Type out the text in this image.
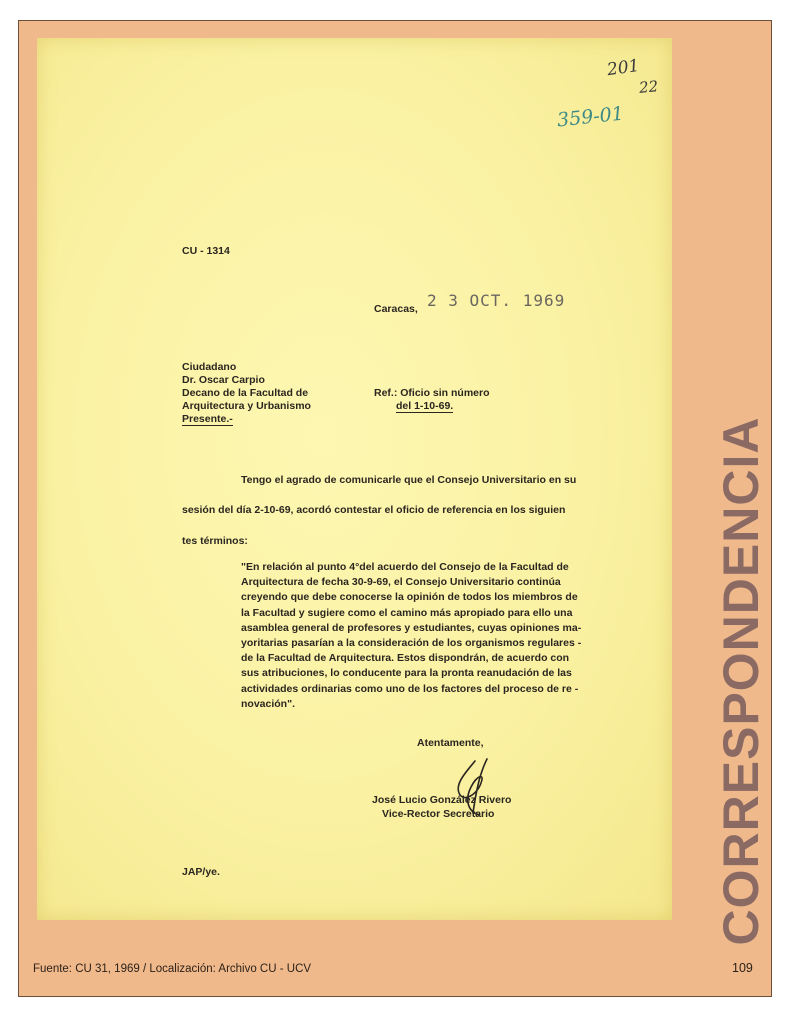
201
22
359-01
CU - 1314
Caracas, 2 3 OCT. 1969
Ciudadano
Dr. Oscar Carpio
Decano de la Facultad de
Arquitectura y Urbanismo
Presente.-
Ref.: Oficio sin número
del 1-10-69.
Tengo el agrado de comunicarle que el Consejo Universitario en su
sesión del día 2-10-69, acordó contestar el oficio de referencia en los siguien
tes términos:
"En relación al punto 4°del acuerdo del Consejo de la Facultad de
Arquitectura de fecha 30-9-69, el Consejo Universitario continúa
creyendo que debe conocerse la opinión de todos los miembros de
la Facultad y sugiere como el camino más apropiado para ello una
asamblea general de profesores y estudiantes, cuyas opiniones ma-
yoritarias pasarían a la consideración de los organismos regulares -
de la Facultad de Arquitectura. Estos dispondrán, de acuerdo con
sus atribuciones, lo conducente para la pronta reanudación de las
actividades ordinarias como uno de los factores del proceso de re -
novación".
Atentamente,
José Lucio González Rivero
Vice-Rector Secretario
JAP/ye.	CORRESPONDENCIA
Fuente: CU 31, 1969 / Localización: Archivo CU - UCV	109
